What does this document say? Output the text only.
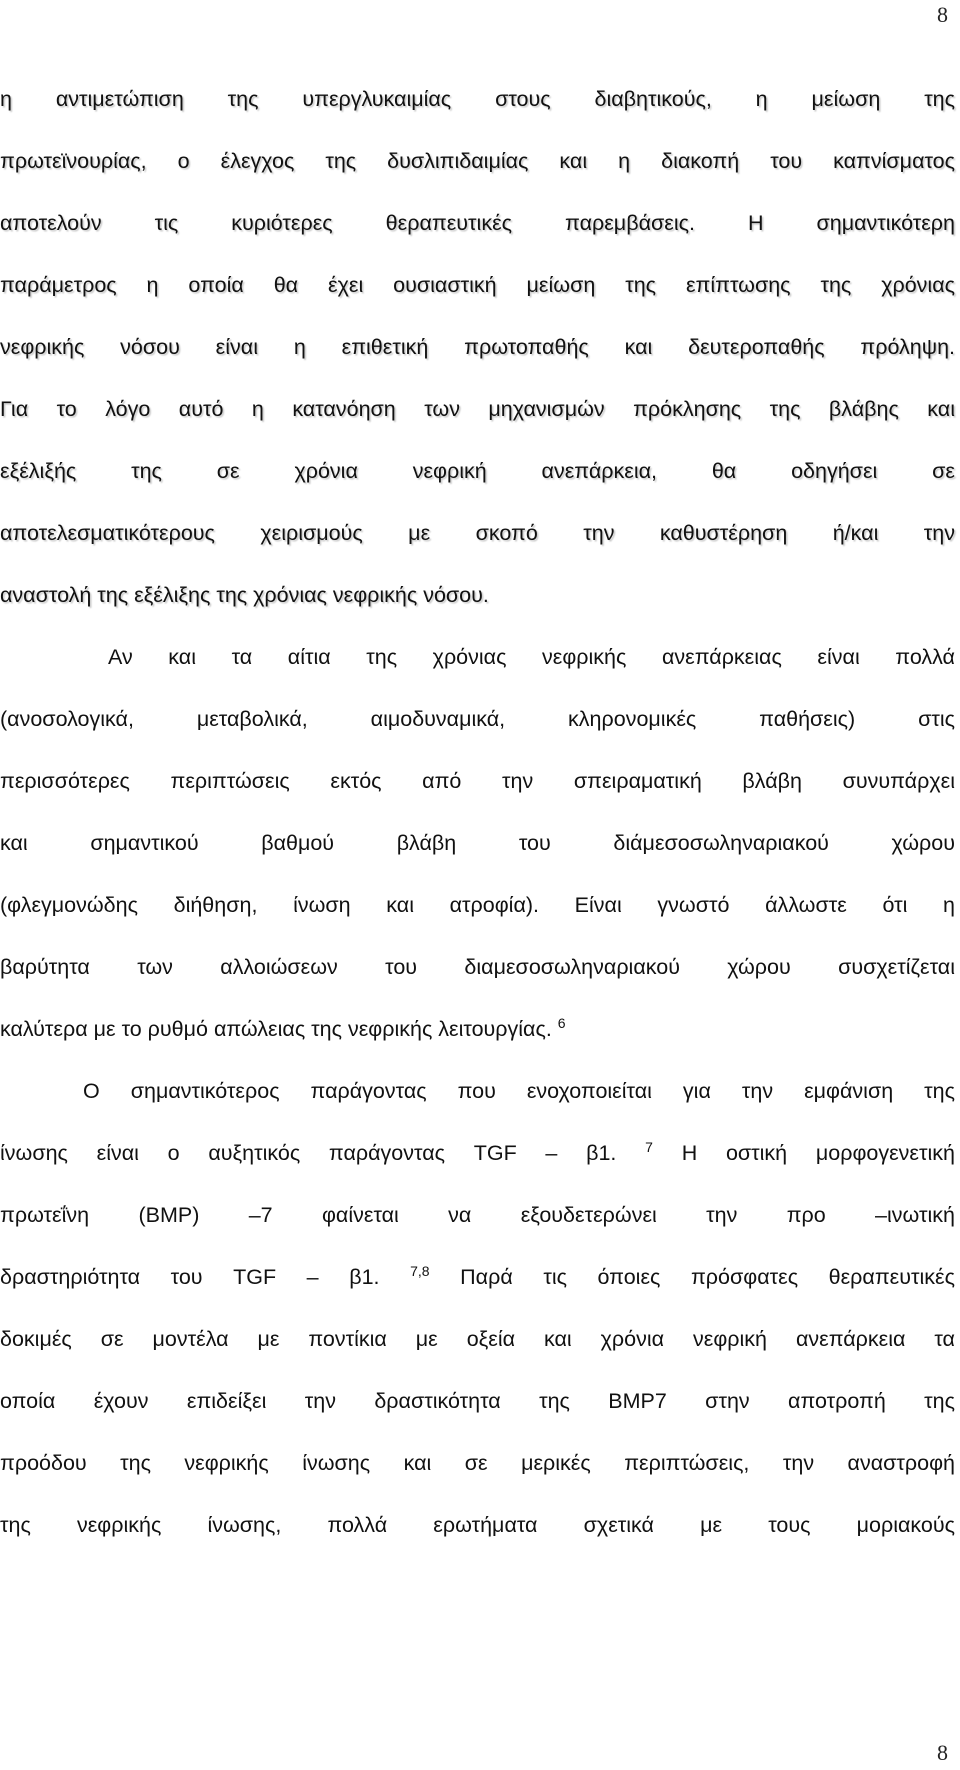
8
η αντιμετώπιση της υπεργλυκαιμίας στους διαβητικούς, η μείωση της
πρωτεϊνουρίας, ο έλεγχος της δυσλιπιδαιμίας και η διακοπή του καπνίσματος
αποτελούν τις κυριότερες θεραπευτικές παρεμβάσεις. Η σημαντικότερη
παράμετρος η οποία θα έχει ουσιαστική μείωση της επίπτωσης της χρόνιας
νεφρικής νόσου είναι η επιθετική πρωτοπαθής και δευτεροπαθής πρόληψη.
Για το λόγο αυτό η κατανόηση των μηχανισμών πρόκλησης της βλάβης και
εξέλιξής της σε χρόνια νεφρική ανεπάρκεια, θα οδηγήσει σε
αποτελεσματικότερους χειρισμούς με σκοπό την καθυστέρηση ή/και την
αναστολή της εξέλιξης της χρόνιας νεφρικής νόσου.
Αν και τα αίτια της χρόνιας νεφρικής ανεπάρκειας είναι πολλά
(ανοσολογικά, μεταβολικά, αιμοδυναμικά, κληρονομικές παθήσεις) στις
περισσότερες περιπτώσεις εκτός από την σπειραματική βλάβη συνυπάρχει
και σημαντικού βαθμού βλάβη του διάμεσοσωληναριακού χώρου
(φλεγμονώδης διήθηση, ίνωση και ατροφία). Είναι γνωστό άλλωστε ότι η
βαρύτητα των αλλοιώσεων του διαμεσοσωληναριακού χώρου συσχετίζεται
καλύτερα με το ρυθμό απώλειας της νεφρικής λειτουργίας. $^6$
Ο σημαντικότερος παράγοντας που ενοχοποιείται για την εμφάνιση της
ίνωσης είναι ο αυξητικός παράγοντας TGF – β1. $^7$ Η οστική μορφογενετική
πρωτεΐνη (BMP) –7 φαίνεται να εξουδετερώνει την προ –ινωτική
δραστηριότητα του TGF – β1. $^{7,8}$ Παρά τις όποιες πρόσφατες θεραπευτικές
δοκιμές σε μοντέλα με ποντίκια με οξεία και χρόνια νεφρική ανεπάρκεια τα
οποία έχουν επιδείξει την δραστικότητα της BMP7 στην αποτροπή της
προόδου της νεφρικής ίνωσης και σε μερικές περιπτώσεις, την αναστροφή
της νεφρικής ίνωσης, πολλά ερωτήματα σχετικά με τους μοριακούς
8
